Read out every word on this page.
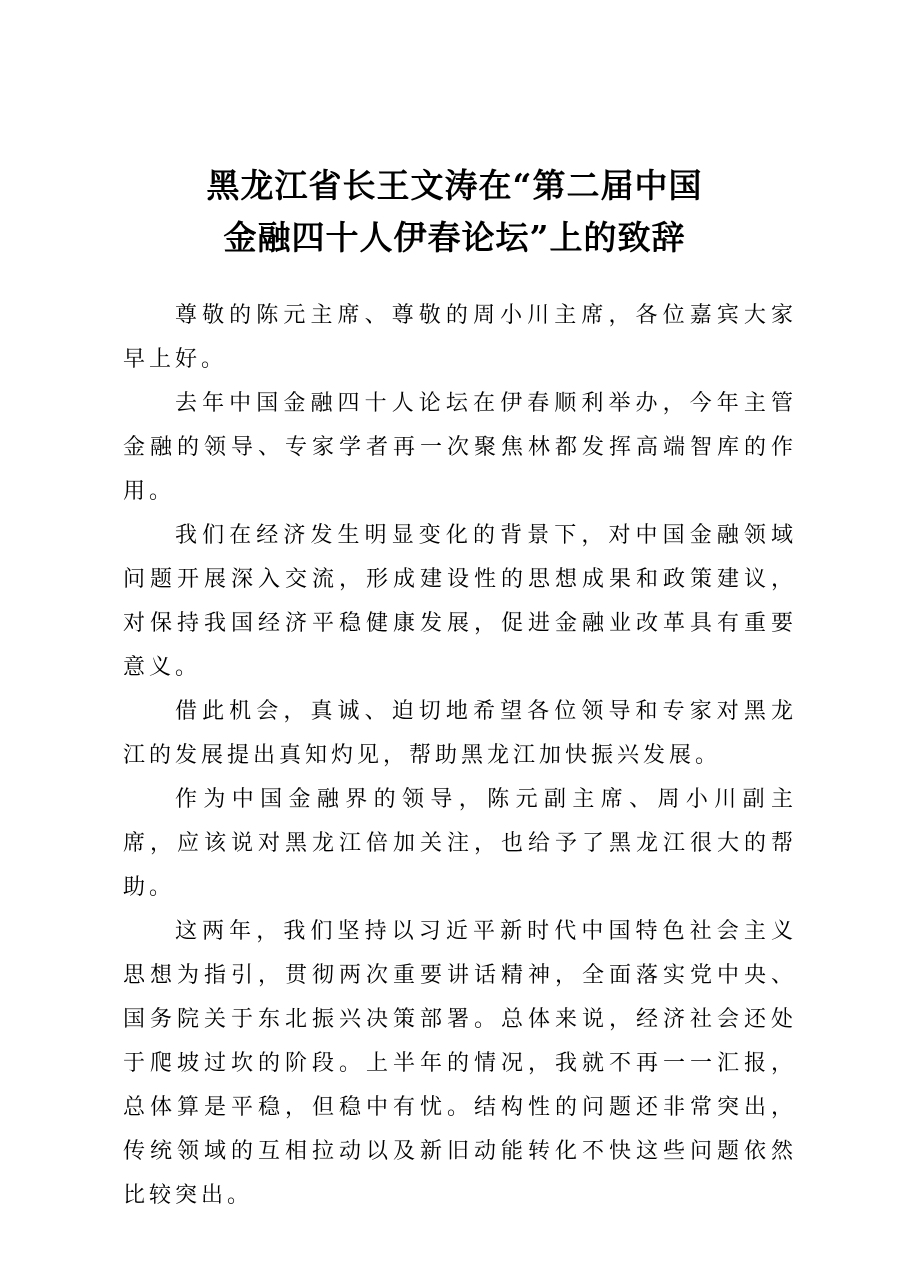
黑龙江省长王文涛在“第二届中国
金融四十人伊春论坛”上的致辞

尊敬的陈元主席、尊敬的周小川主席，各位嘉宾大家早上好。

去年中国金融四十人论坛在伊春顺利举办，今年主管金融的领导、专家学者再一次聚焦林都发挥高端智库的作用。

我们在经济发生明显变化的背景下，对中国金融领域问题开展深入交流，形成建设性的思想成果和政策建议，对保持我国经济平稳健康发展，促进金融业改革具有重要意义。

借此机会，真诚、迫切地希望各位领导和专家对黑龙江的发展提出真知灼见，帮助黑龙江加快振兴发展。

作为中国金融界的领导，陈元副主席、周小川副主席，应该说对黑龙江倍加关注，也给予了黑龙江很大的帮助。

这两年，我们坚持以习近平新时代中国特色社会主义思想为指引，贯彻两次重要讲话精神，全面落实党中央、国务院关于东北振兴决策部署。总体来说，经济社会还处于爬坡过坎的阶段。上半年的情况，我就不再一一汇报，总体算是平稳，但稳中有忧。结构性的问题还非常突出，传统领域的互相拉动以及新旧动能转化不快这些问题依然比较突出。
